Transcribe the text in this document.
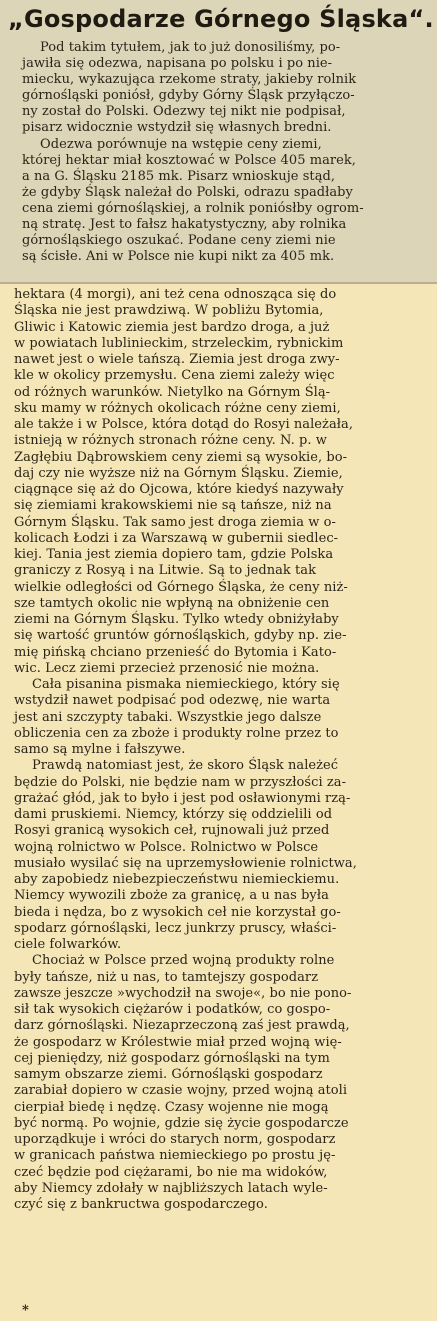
„Gospodarze Górnego Śląska“.
Pod takim tytułem, jak to już donosiliśmy, po-
jawiła się odezwa, napisana po polsku i po nie-
miecku, wykazująca rzekome straty, jakieby rolnik
górnośląski poniósł, gdyby Górny Śląsk przyłączo-
ny został do Polski. Odezwy tej nikt nie podpisał,
pisarz widocznie wstydził się własnych bredni.
Odezwa porównuje na wstępie ceny ziemi,
której hektar miał kosztować w Polsce 405 marek,
a na G. Śląsku 2185 mk. Pisarz wnioskuje stąd,
że gdyby Śląsk należał do Polski, odrazu spadłaby
cena ziemi górnośląskiej, a rolnik poniósłby ogrom-
ną stratę. Jest to fałsz hakatystyczny, aby rolnika
górnośląskiego oszukać. Podane ceny ziemi nie
są ścisłe. Ani w Polsce nie kupi nikt za 405 mk.
hektara (4 morgi), ani też cena odnosząca się do
Śląska nie jest prawdziwą. W pobliżu Bytomia,
Gliwic i Katowic ziemia jest bardzo droga, a już
w powiatach lublinieckim, strzeleckim, rybnickim
nawet jest o wiele tańszą. Ziemia jest droga zwy-
kle w okolicy przemysłu. Cena ziemi zależy więc
od różnych warunków. Nietylko na Górnym Ślą-
sku mamy w różnych okolicach różne ceny ziemi,
ale także i w Polsce, która dotąd do Rosyi należała,
istnieją w różnych stronach różne ceny. N. p. w
Zagłębiu Dąbrowskiem ceny ziemi są wysokie, bo-
daj czy nie wyższe niż na Górnym Śląsku. Ziemie,
ciągnące się aż do Ojcowa, które kiedyś nazywały
się ziemiami krakowskiemi nie są tańsze, niż na
Górnym Śląsku. Tak samo jest droga ziemia w o-
kolicach Łodzi i za Warszawą w gubernii siedlec-
kiej. Tania jest ziemia dopiero tam, gdzie Polska
graniczy z Rosyą i na Litwie. Są to jednak tak
wielkie odległości od Górnego Śląska, że ceny niż-
sze tamtych okolic nie wpłyną na obniżenie cen
ziemi na Górnym Śląsku. Tylko wtedy obniżyłaby
się wartość gruntów górnośląskich, gdyby np. zie-
mię pińską chciano przenieść do Bytomia i Kato-
wic. Lecz ziemi przecież przenosić nie można.
Cała pisanina pismaka niemieckiego, który się
wstydził nawet podpisać pod odezwę, nie warta
jest ani szczypty tabaki. Wszystkie jego dalsze
obliczenia cen za zboże i produkty rolne przez to
samo są mylne i fałszywe.
Prawdą natomiast jest, że skoro Śląsk należeć
będzie do Polski, nie będzie nam w przyszłości za-
grażać głód, jak to było i jest pod osławionymi rzą-
dami pruskiemi. Niemcy, którzy się oddzielili od
Rosyi granicą wysokich ceł, rujnowali już przed
wojną rolnictwo w Polsce. Rolnictwo w Polsce
musiało wysilać się na uprzemysłowienie rolnictwa,
aby zapobiedz niebezpieczeństwu niemieckiemu.
Niemcy wywozili zboże za granicę, a u nas była
bieda i nędza, bo z wysokich ceł nie korzystał go-
spodarz górnośląski, lecz junkrzy pruscy, właści-
ciele folwarków.
Chociaż w Polsce przed wojną produkty rolne
były tańsze, niż u nas, to tamtejszy gospodarz
zawsze jeszcze »wychodził na swoje«, bo nie pono-
sił tak wysokich ciężarów i podatków, co gospo-
darz górnośląski. Niezaprzeczoną zaś jest prawdą,
że gospodarz w Królestwie miał przed wojną wię-
cej pieniędzy, niż gospodarz górnośląski na tym
samym obszarze ziemi. Górnośląski gospodarz
zarabiał dopiero w czasie wojny, przed wojną atoli
cierpiał biedę i nędzę. Czasy wojenne nie mogą
być normą. Po wojnie, gdzie się życie gospodarcze
uporządkuje i wróci do starych norm, gospodarz
w granicach państwa niemieckiego po prostu ję-
czeć będzie pod ciężarami, bo nie ma widoków,
aby Niemcy zdołały w najbliższych latach wyle-
czyć się z bankructwa gospodarczego.
*
